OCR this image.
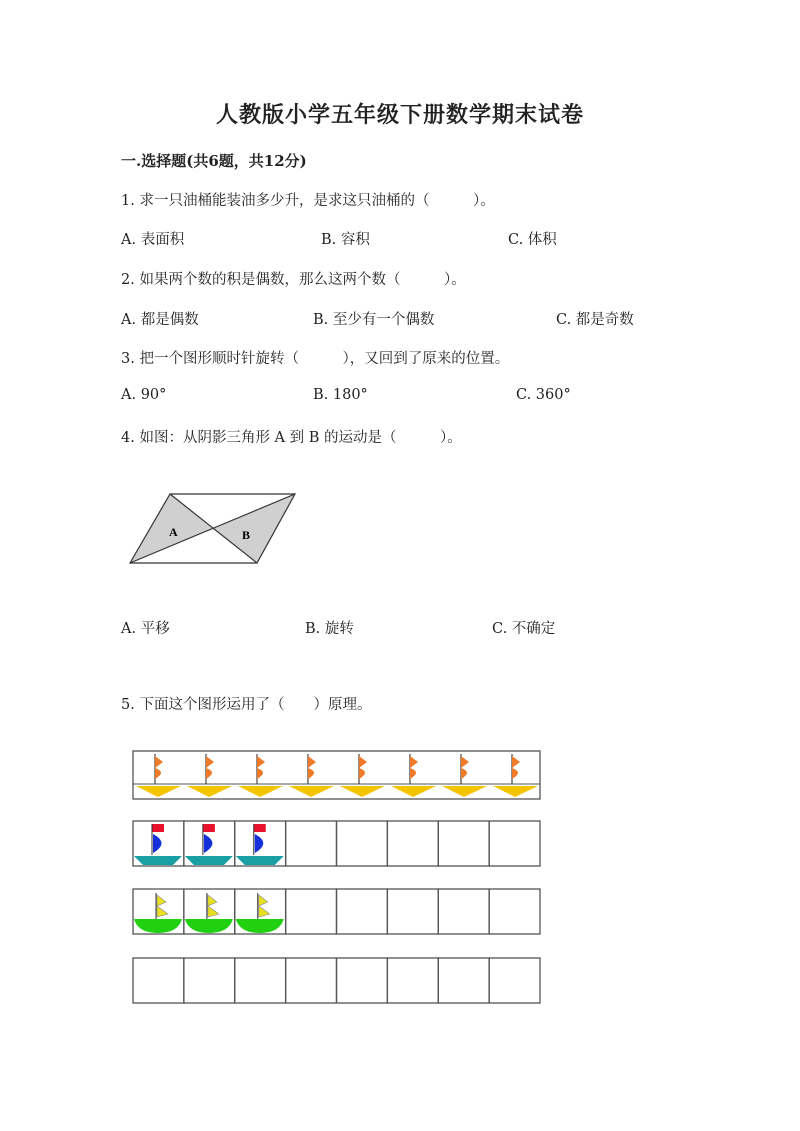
人教版小学五年级下册数学期末试卷
一.选择题(共6题，共12分)
1. 求一只油桶能装油多少升，是求这只油桶的（　　　）。
A. 表面积	B. 容积	C. 体积
2. 如果两个数的积是偶数，那么这两个数（　　　）。
A. 都是偶数	B. 至少有一个偶数	C. 都是奇数
3. 把一个图形顺时针旋转（　　　），又回到了原来的位置。
A. 90°	B. 180°	C. 360°
4. 如图：从阴影三角形 A 到 B 的运动是（　　　）。
A	B
A. 平移	B. 旋转	C. 不确定
5. 下面这个图形运用了（　　）原理。
